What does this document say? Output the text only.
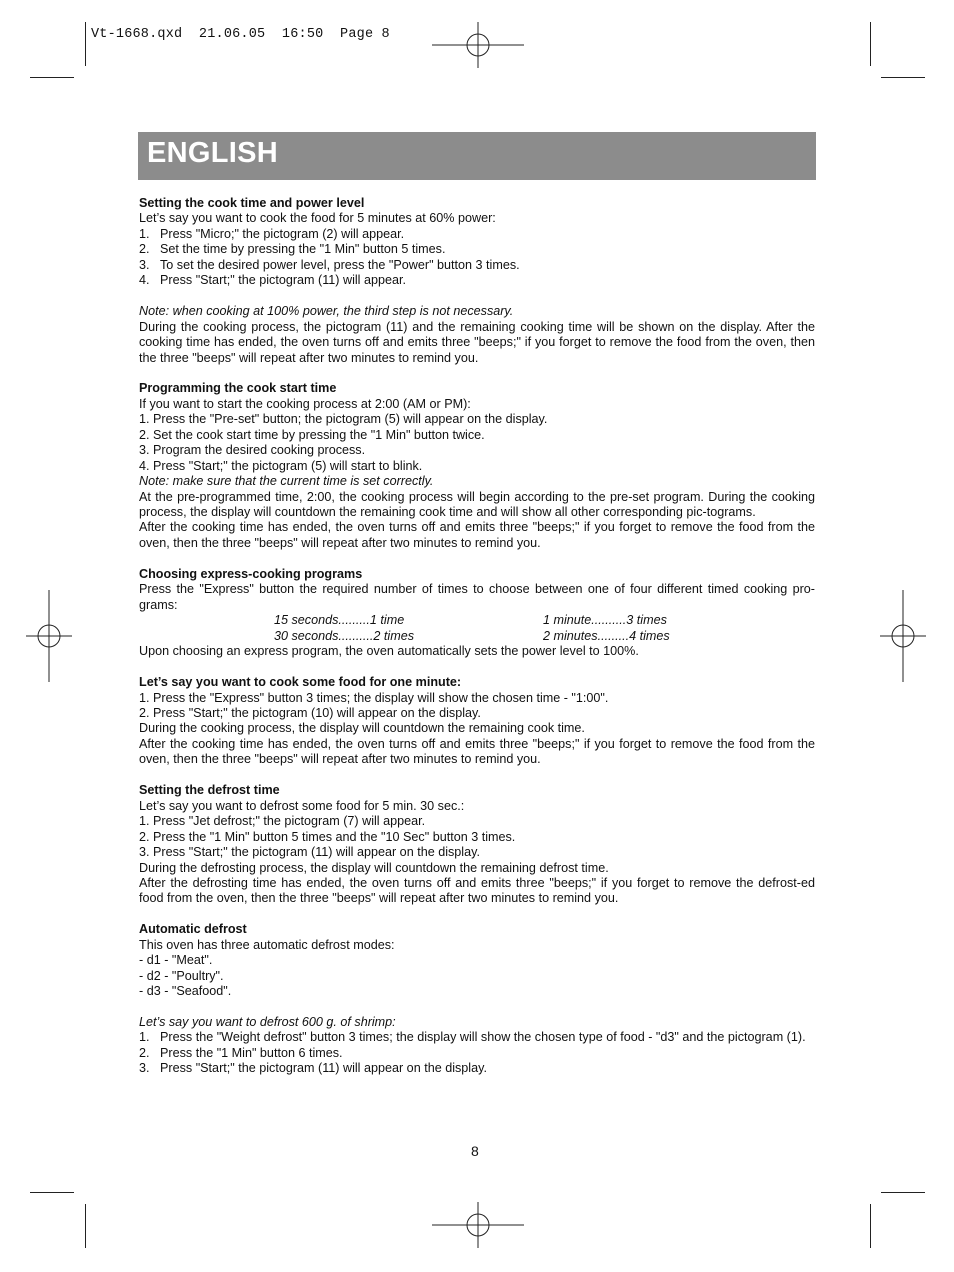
Vt-1668.qxd  21.06.05  16:50  Page 8
ENGLISH

Setting the cook time and power level

Let’s say you want to cook the food for 5 minutes at 60% power:

1. Press "Micro;" the pictogram (2) will appear.
2. Set the time by pressing the "1 Min" button 5 times.
3. To set the desired power level, press the "Power" button 3 times.
4. Press "Start;" the pictogram (11) will appear.

Note: when cooking at 100% power, the third step is not necessary.

During the cooking process, the pictogram (11) and the remaining cooking time will be shown on the display. After the cooking time has ended, the oven turns off and emits three "beeps;" if you forget to remove the food from the oven, then the three "beeps" will repeat after two minutes to remind you.

Programming the cook start time

If you want to start the cooking process at 2:00 (AM or PM):

1. Press the "Pre-set" button; the pictogram (5) will appear on the display.

2. Set the cook start time by pressing the "1 Min" button twice.

3. Program the desired cooking process.

4. Press "Start;" the pictogram (5) will start to blink.

Note: make sure that the current time is set correctly.

At the pre-programmed time, 2:00, the cooking process will begin according to the pre-set program. During the cooking process, the display will countdown the remaining cook time and will show all other corresponding pic-tograms.

After the cooking time has ended, the oven turns off and emits three "beeps;" if you forget to remove the food from the oven, then the three "beeps" will repeat after two minutes to remind you.

Choosing express-cooking programs

Press the "Express" button the required number of times to choose between one of four different timed cooking pro-grams:

15 seconds.........1 time	1 minute..........3 times
30 seconds..........2 times	2 minutes.........4 times

Upon choosing an express program, the oven automatically sets the power level to 100%.

Let’s say you want to cook some food for one minute:

1. Press the "Express" button 3 times; the display will show the chosen time - "1:00".

2. Press "Start;" the pictogram (10) will appear on the display.

During the cooking process, the display will countdown the remaining cook time.

After the cooking time has ended, the oven turns off and emits three "beeps;" if you forget to remove the food from the oven, then the three "beeps" will repeat after two minutes to remind you.

Setting the defrost time

Let’s say you want to defrost some food for 5 min. 30 sec.:

1. Press "Jet defrost;" the pictogram (7) will appear.

2. Press the "1 Min" button 5 times and the "10 Sec" button 3 times.

3. Press "Start;" the pictogram (11) will appear on the display.

During the defrosting process, the display will countdown the remaining defrost time.

After the defrosting time has ended, the oven turns off and emits three "beeps;" if you forget to remove the defrost-ed food from the oven, then the three "beeps" will repeat after two minutes to remind you.

Automatic defrost

This oven has three automatic defrost modes:

- d1 - "Meat".

- d2 - "Poultry".

- d3 - "Seafood".

Let’s say you want to defrost 600 g. of shrimp:

1. Press the "Weight defrost" button 3 times; the display will show the chosen type of food - "d3" and the pictogram (1).
2. Press the "1 Min" button 6 times.
3. Press "Start;" the pictogram (11) will appear on the display.
8
